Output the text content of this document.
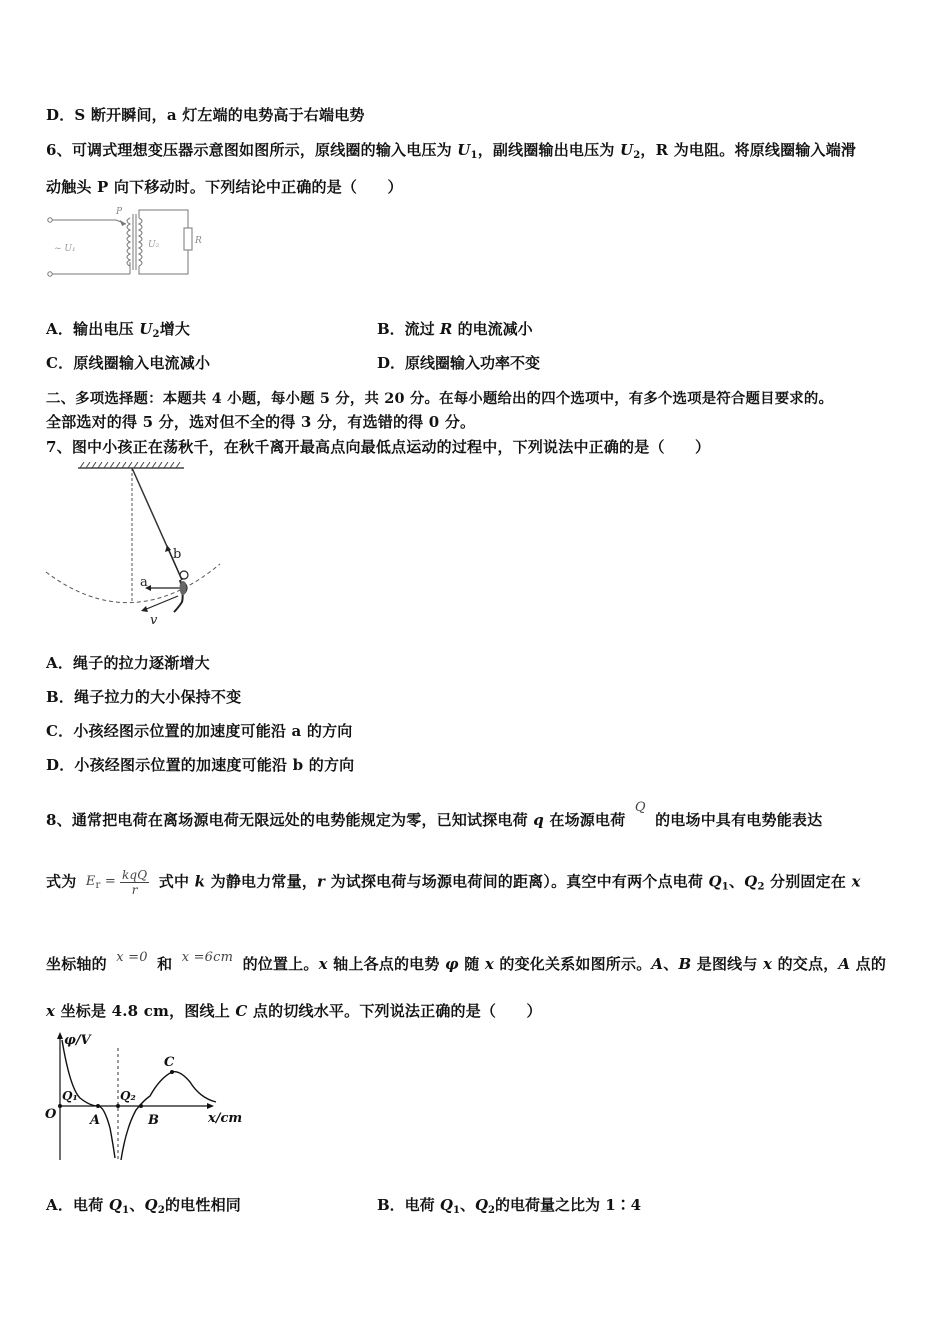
D．S 断开瞬间，a 灯左端的电势高于右端电势
6、可调式理想变压器示意图如图所示，原线圈的输入电压为 $U_1$，副线圈输出电压为 $U_2$，R 为电阻。将原线圈输入端滑
动触头 P 向下移动时。下列结论中正确的是（　　）
P
~ U₁	U₂	R
A．输出电压 $U_2$增大	B．流过 R 的电流减小
C．原线圈输入电流减小	D．原线圈输入功率不变
二、多项选择题：本题共 4 小题，每小题 5 分，共 20 分。在每小题给出的四个选项中，有多个选项是符合题目要求的。
全部选对的得 5 分，选对但不全的得 3 分，有选错的得 0 分。
7、图中小孩正在荡秋千，在秋千离开最高点向最低点运动的过程中，下列说法中正确的是（　　）
b
a
v
A．绳子的拉力逐渐增大
B．绳子拉力的大小保持不变
C．小孩经图示位置的加速度可能沿 a 的方向
D．小孩经图示位置的加速度可能沿 b 的方向
8、通常把电荷在离场源电荷无限远处的电势能规定为零，已知试探电荷 q 在场源电荷 Q 的电场中具有电势能表达
式为 $E_r = \frac{\text{kqQ}}{r}$ 式中 k 为静电力常量，r 为试探电荷与场源电荷间的距离）。真空中有两个点电荷 $Q_1$、$Q_2$ 分别固定在 x
坐标轴的 x =0 和 x =6cm 的位置上。x 轴上各点的电势 φ 随 x 的变化关系如图所示。A、B 是图线与 x 的交点，A 点的
x 坐标是 4.8 cm，图线上 C 点的切线水平。下列说法正确的是（　　）
φ/V
x/cm
O
Q₁
A
Q₂
B
C
A．电荷 $Q_1$、$Q_2$的电性相同	B．电荷 $Q_1$、$Q_2$的电荷量之比为 1∶4
